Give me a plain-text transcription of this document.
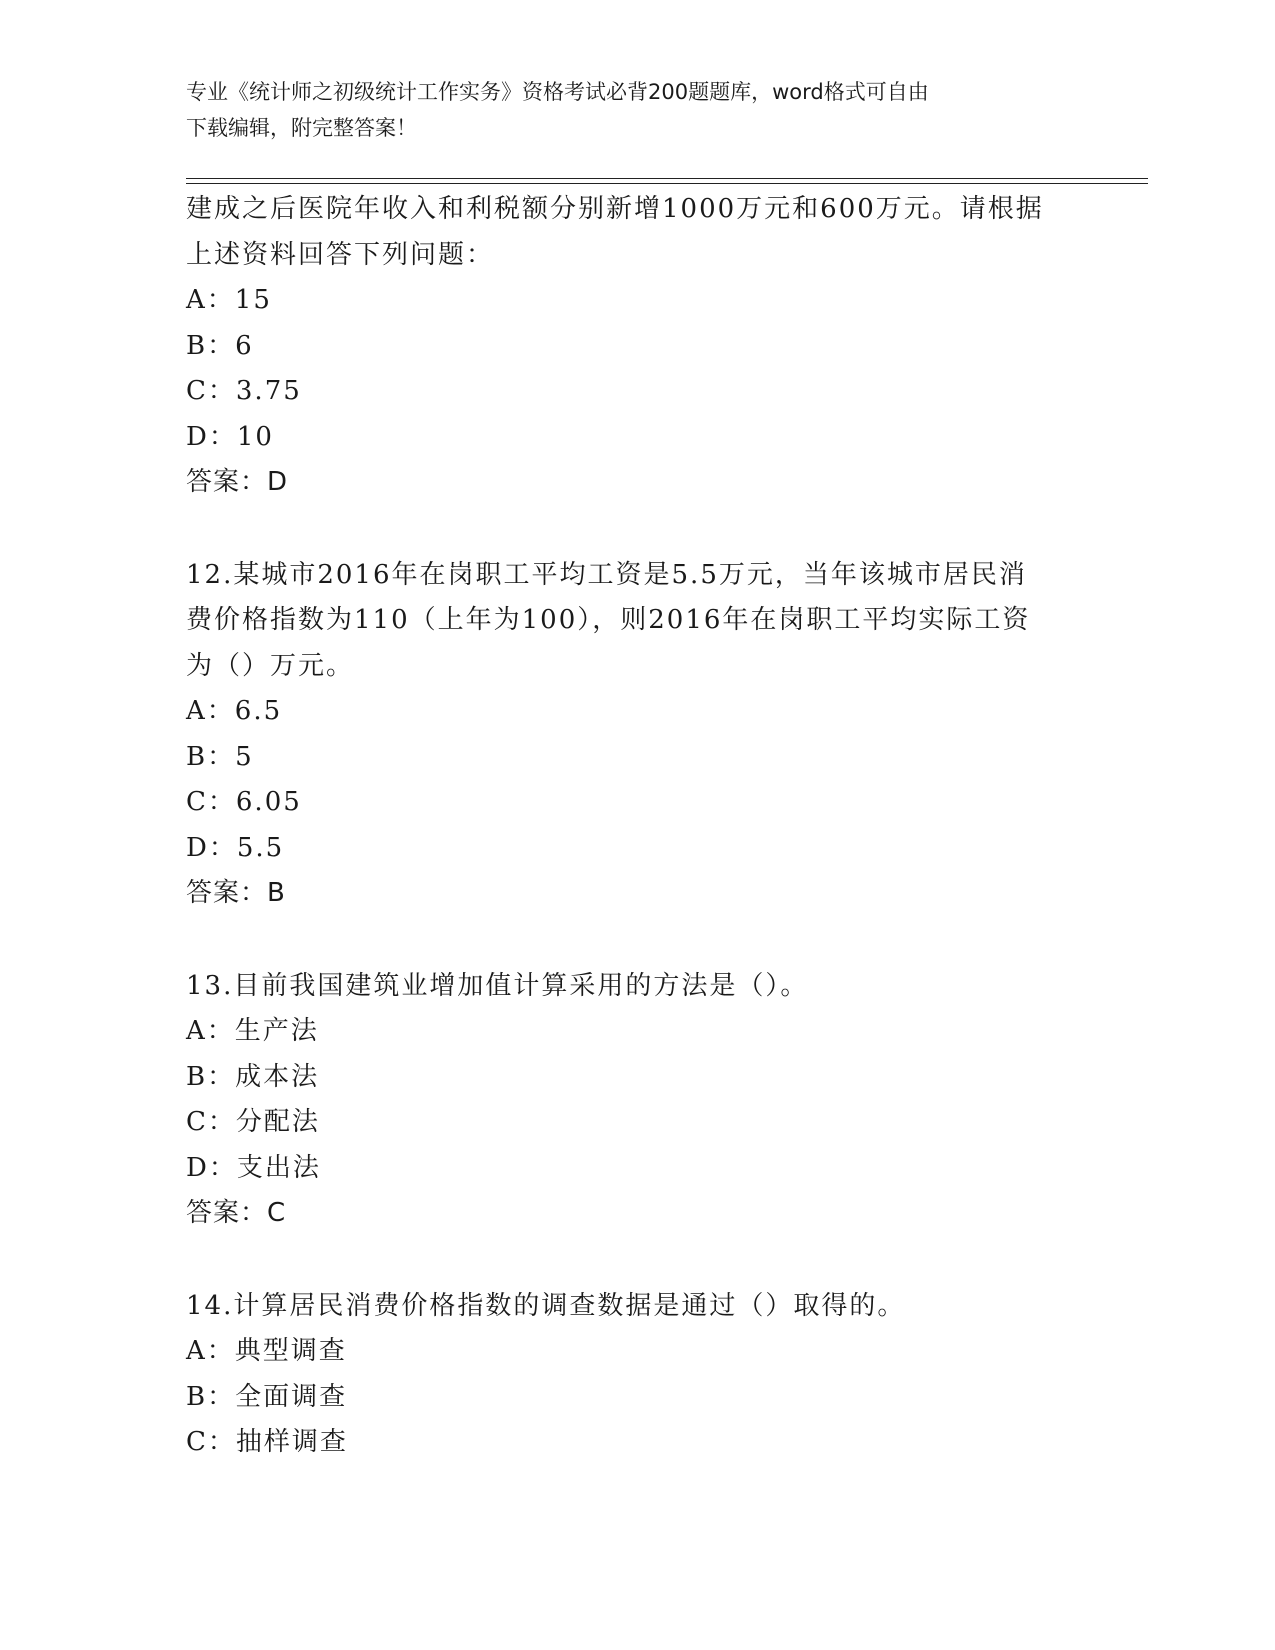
专业《统计师之初级统计工作实务》资格考试必背200题题库，word格式可自由
下载编辑，附完整答案！
建成之后医院年收入和利税额分别新增1000万元和600万元。请根据
上述资料回答下列问题：
A：15
B：6
C：3.75
D：10
答案：D
12.某城市2016年在岗职工平均工资是5.5万元，当年该城市居民消
费价格指数为110（上年为100），则2016年在岗职工平均实际工资
为（）万元。
A：6.5
B：5
C：6.05
D：5.5
答案：B
13.目前我国建筑业增加值计算采用的方法是（）。
A：生产法
B：成本法
C：分配法
D：支出法
答案：C
14.计算居民消费价格指数的调查数据是通过（）取得的。
A：典型调查
B：全面调查
C：抽样调查
